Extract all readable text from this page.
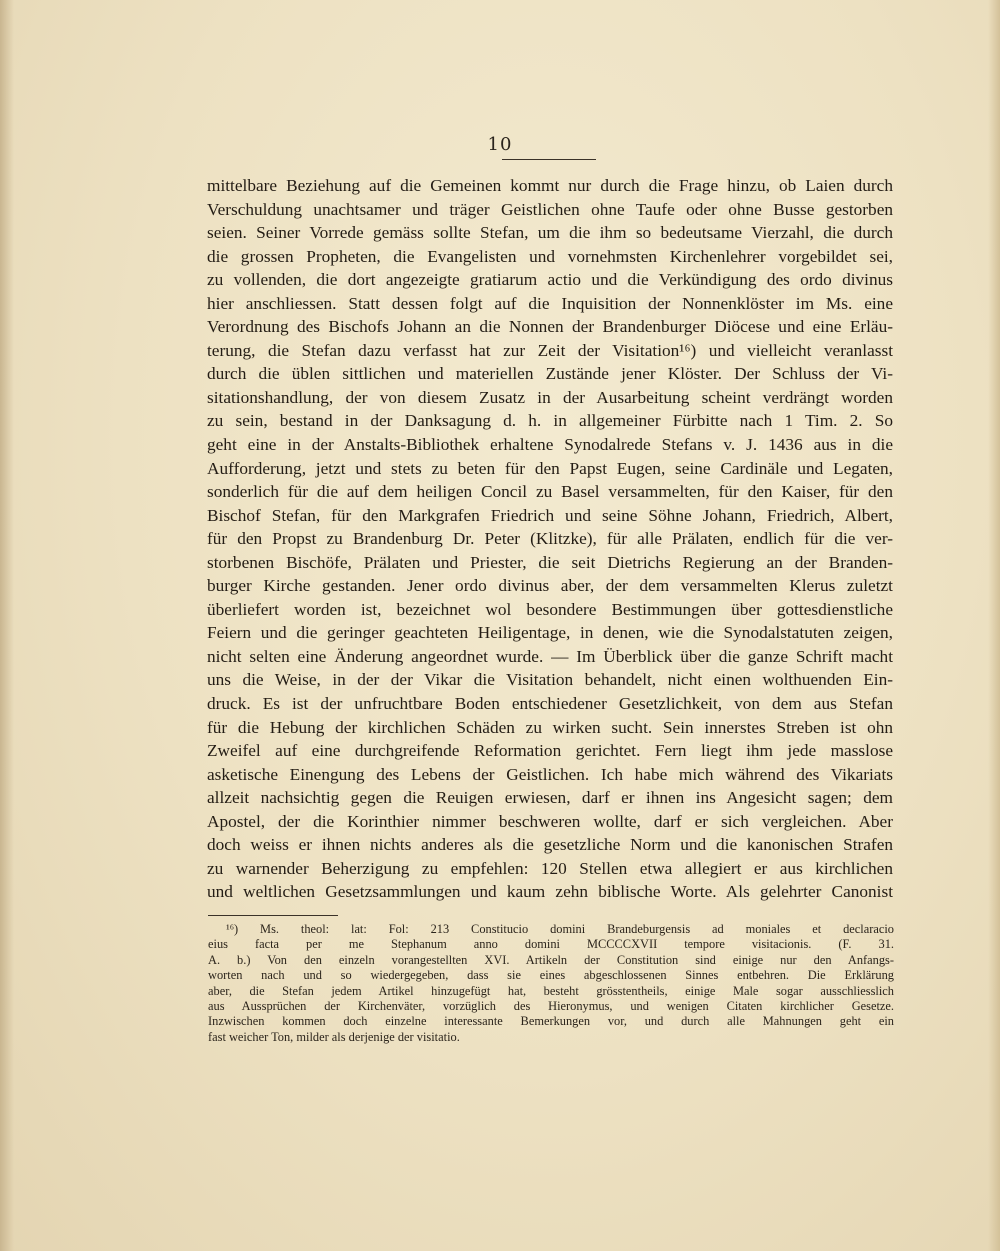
10
mittelbare Beziehung auf die Gemeinen kommt nur durch die Frage hinzu, ob Laien durch
Verschuldung unachtsamer und träger Geistlichen ohne Taufe oder ohne Busse gestorben
seien. Seiner Vorrede gemäss sollte Stefan, um die ihm so bedeutsame Vierzahl, die durch
die grossen Propheten, die Evangelisten und vornehmsten Kirchenlehrer vorgebildet sei,
zu vollenden, die dort angezeigte gratiarum actio und die Verkündigung des ordo divinus
hier anschliessen. Statt dessen folgt auf die Inquisition der Nonnenklöster im Ms. eine
Verordnung des Bischofs Johann an die Nonnen der Brandenburger Diöcese und eine Erläu-
terung, die Stefan dazu verfasst hat zur Zeit der Visitation¹⁶) und vielleicht veranlasst
durch die üblen sittlichen und materiellen Zustände jener Klöster. Der Schluss der Vi-
sitationshandlung, der von diesem Zusatz in der Ausarbeitung scheint verdrängt worden
zu sein, bestand in der Danksagung d. h. in allgemeiner Fürbitte nach 1 Tim. 2. So
geht eine in der Anstalts-Bibliothek erhaltene Synodalrede Stefans v. J. 1436 aus in die
Aufforderung, jetzt und stets zu beten für den Papst Eugen, seine Cardinäle und Legaten,
sonderlich für die auf dem heiligen Concil zu Basel versammelten, für den Kaiser, für den
Bischof Stefan, für den Markgrafen Friedrich und seine Söhne Johann, Friedrich, Albert,
für den Propst zu Brandenburg Dr. Peter (Klitzke), für alle Prälaten, endlich für die ver-
storbenen Bischöfe, Prälaten und Priester, die seit Dietrichs Regierung an der Branden-
burger Kirche gestanden. Jener ordo divinus aber, der dem versammelten Klerus zuletzt
überliefert worden ist, bezeichnet wol besondere Bestimmungen über gottesdienstliche
Feiern und die geringer geachteten Heiligentage, in denen, wie die Synodalstatuten zeigen,
nicht selten eine Änderung angeordnet wurde. — Im Überblick über die ganze Schrift macht
uns die Weise, in der der Vikar die Visitation behandelt, nicht einen wolthuenden Ein-
druck. Es ist der unfruchtbare Boden entschiedener Gesetzlichkeit, von dem aus Stefan
für die Hebung der kirchlichen Schäden zu wirken sucht. Sein innerstes Streben ist ohn
Zweifel auf eine durchgreifende Reformation gerichtet. Fern liegt ihm jede masslose
asketische Einengung des Lebens der Geistlichen. Ich habe mich während des Vikariats
allzeit nachsichtig gegen die Reuigen erwiesen, darf er ihnen ins Angesicht sagen; dem
Apostel, der die Korinthier nimmer beschweren wollte, darf er sich vergleichen. Aber
doch weiss er ihnen nichts anderes als die gesetzliche Norm und die kanonischen Strafen
zu warnender Beherzigung zu empfehlen: 120 Stellen etwa allegiert er aus kirchlichen
und weltlichen Gesetzsammlungen und kaum zehn biblische Worte. Als gelehrter Canonist
¹⁶) Ms. theol: lat: Fol: 213 Constitucio domini Brandeburgensis ad moniales et declaracio
eius facta per me Stephanum anno domini MCCCCXVII tempore visitacionis. (F. 31.
A. b.) Von den einzeln vorangestellten XVI. Artikeln der Constitution sind einige nur den Anfangs-
worten nach und so wiedergegeben, dass sie eines abgeschlossenen Sinnes entbehren. Die Erklärung
aber, die Stefan jedem Artikel hinzugefügt hat, besteht grösstentheils, einige Male sogar ausschliesslich
aus Aussprüchen der Kirchenväter, vorzüglich des Hieronymus, und wenigen Citaten kirchlicher Gesetze.
Inzwischen kommen doch einzelne interessante Bemerkungen vor, und durch alle Mahnungen geht ein
fast weicher Ton, milder als derjenige der visitatio.
